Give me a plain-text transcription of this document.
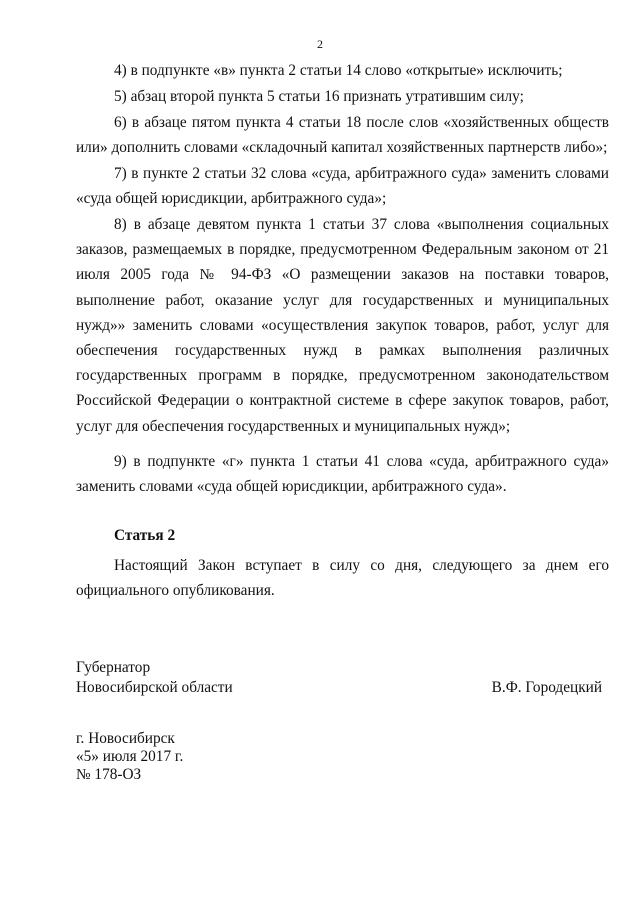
2

4) в подпункте «в» пункта 2 статьи 14 слово «открытые» исключить;

5) абзац второй пункта 5 статьи 16 признать утратившим силу;

6) в абзаце пятом пункта 4 статьи 18 после слов «хозяйственных обществ или» дополнить словами «складочный капитал хозяйственных партнерств либо»;

7) в пункте 2 статьи 32 слова «суда, арбитражного суда» заменить словами «суда общей юрисдикции, арбитражного суда»;

8) в абзаце девятом пункта 1 статьи 37 слова «выполнения социальных заказов, размещаемых в порядке, предусмотренном Федеральным законом от 21 июля 2005 года № 94-ФЗ «О размещении заказов на поставки товаров, выполнение работ, оказание услуг для государственных и муниципальных нужд»» заменить словами «осуществления закупок товаров, работ, услуг для обеспечения государственных нужд в рамках выполнения различных государственных программ в порядке, предусмотренном законодательством Российской Федерации о контрактной системе в сфере закупок товаров, работ, услуг для обеспечения государственных и муниципальных нужд»;

9) в подпункте «г» пункта 1 статьи 41 слова «суда, арбитражного суда» заменить словами «суда общей юрисдикции, арбитражного суда».

Статья 2

Настоящий Закон вступает в силу со дня, следующего за днем его официального опубликования.

Губернатор
Новосибирской области	В.Ф. Городецкий
г. Новосибирск
«5» июля 2017 г.
№ 178-ОЗ
